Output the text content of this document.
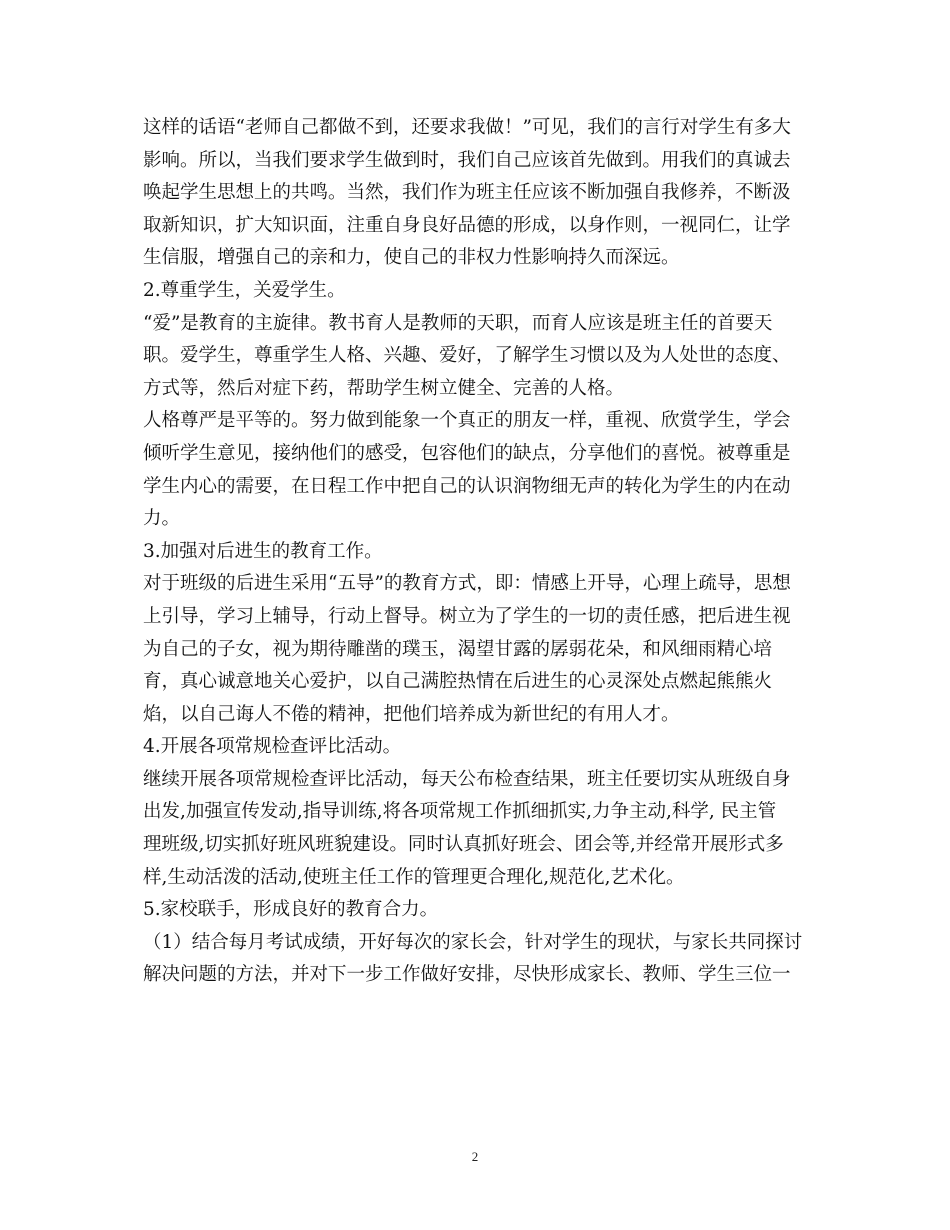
这样的话语“老师自己都做不到，还要求我做！”可见，我们的言行对学生有多大
影响。所以，当我们要求学生做到时，我们自己应该首先做到。用我们的真诚去
唤起学生思想上的共鸣。当然，我们作为班主任应该不断加强自我修养，不断汲
取新知识，扩大知识面，注重自身良好品德的形成，以身作则，一视同仁，让学
生信服，增强自己的亲和力，使自己的非权力性影响持久而深远。
2.尊重学生，关爱学生。
“爱”是教育的主旋律。教书育人是教师的天职，而育人应该是班主任的首要天
职。爱学生，尊重学生人格、兴趣、爱好，了解学生习惯以及为人处世的态度、
方式等，然后对症下药，帮助学生树立健全、完善的人格。
人格尊严是平等的。努力做到能象一个真正的朋友一样，重视、欣赏学生，学会
倾听学生意见，接纳他们的感受，包容他们的缺点，分享他们的喜悦。被尊重是
学生内心的需要，在日程工作中把自己的认识润物细无声的转化为学生的内在动
力。
3.加强对后进生的教育工作。
对于班级的后进生采用“五导”的教育方式，即：情感上开导，心理上疏导，思想
上引导，学习上辅导，行动上督导。树立为了学生的一切的责任感，把后进生视
为自己的子女，视为期待雕凿的璞玉，渴望甘露的孱弱花朵，和风细雨精心培
育，真心诚意地关心爱护，以自己满腔热情在后进生的心灵深处点燃起熊熊火
焰，以自己诲人不倦的精神，把他们培养成为新世纪的有用人才。
4.开展各项常规检查评比活动。
继续开展各项常规检查评比活动，每天公布检查结果，班主任要切实从班级自身
出发,加强宣传发动,指导训练,将各项常规工作抓细抓实,力争主动,科学, 民主管
理班级,切实抓好班风班貌建设。同时认真抓好班会、团会等,并经常开展形式多
样,生动活泼的活动,使班主任工作的管理更合理化,规范化,艺术化。
5.家校联手，形成良好的教育合力。
（1）结合每月考试成绩，开好每次的家长会，针对学生的现状，与家长共同探讨
解决问题的方法，并对下一步工作做好安排，尽快形成家长、教师、学生三位一
2
